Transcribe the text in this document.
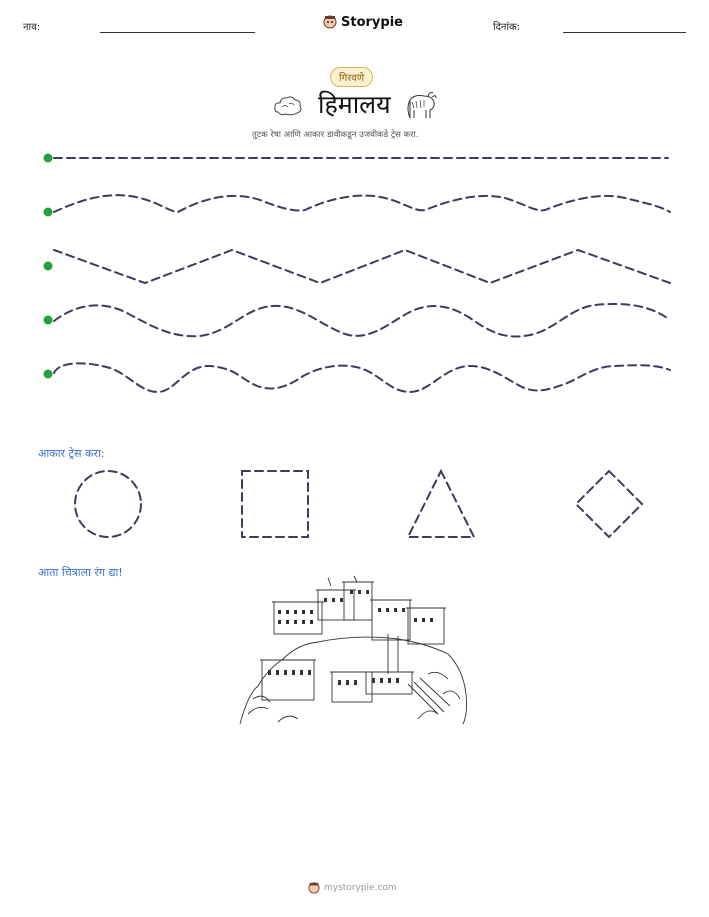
नाव:	Storypie	दिनांक:
गिरवणे
हिमालय
तुटक रेषा आणि आकार डावीकडून उजवीकडे ट्रेस करा.
आकार ट्रेस करा:
आता चित्राला रंग द्या!
mystorypie.com
